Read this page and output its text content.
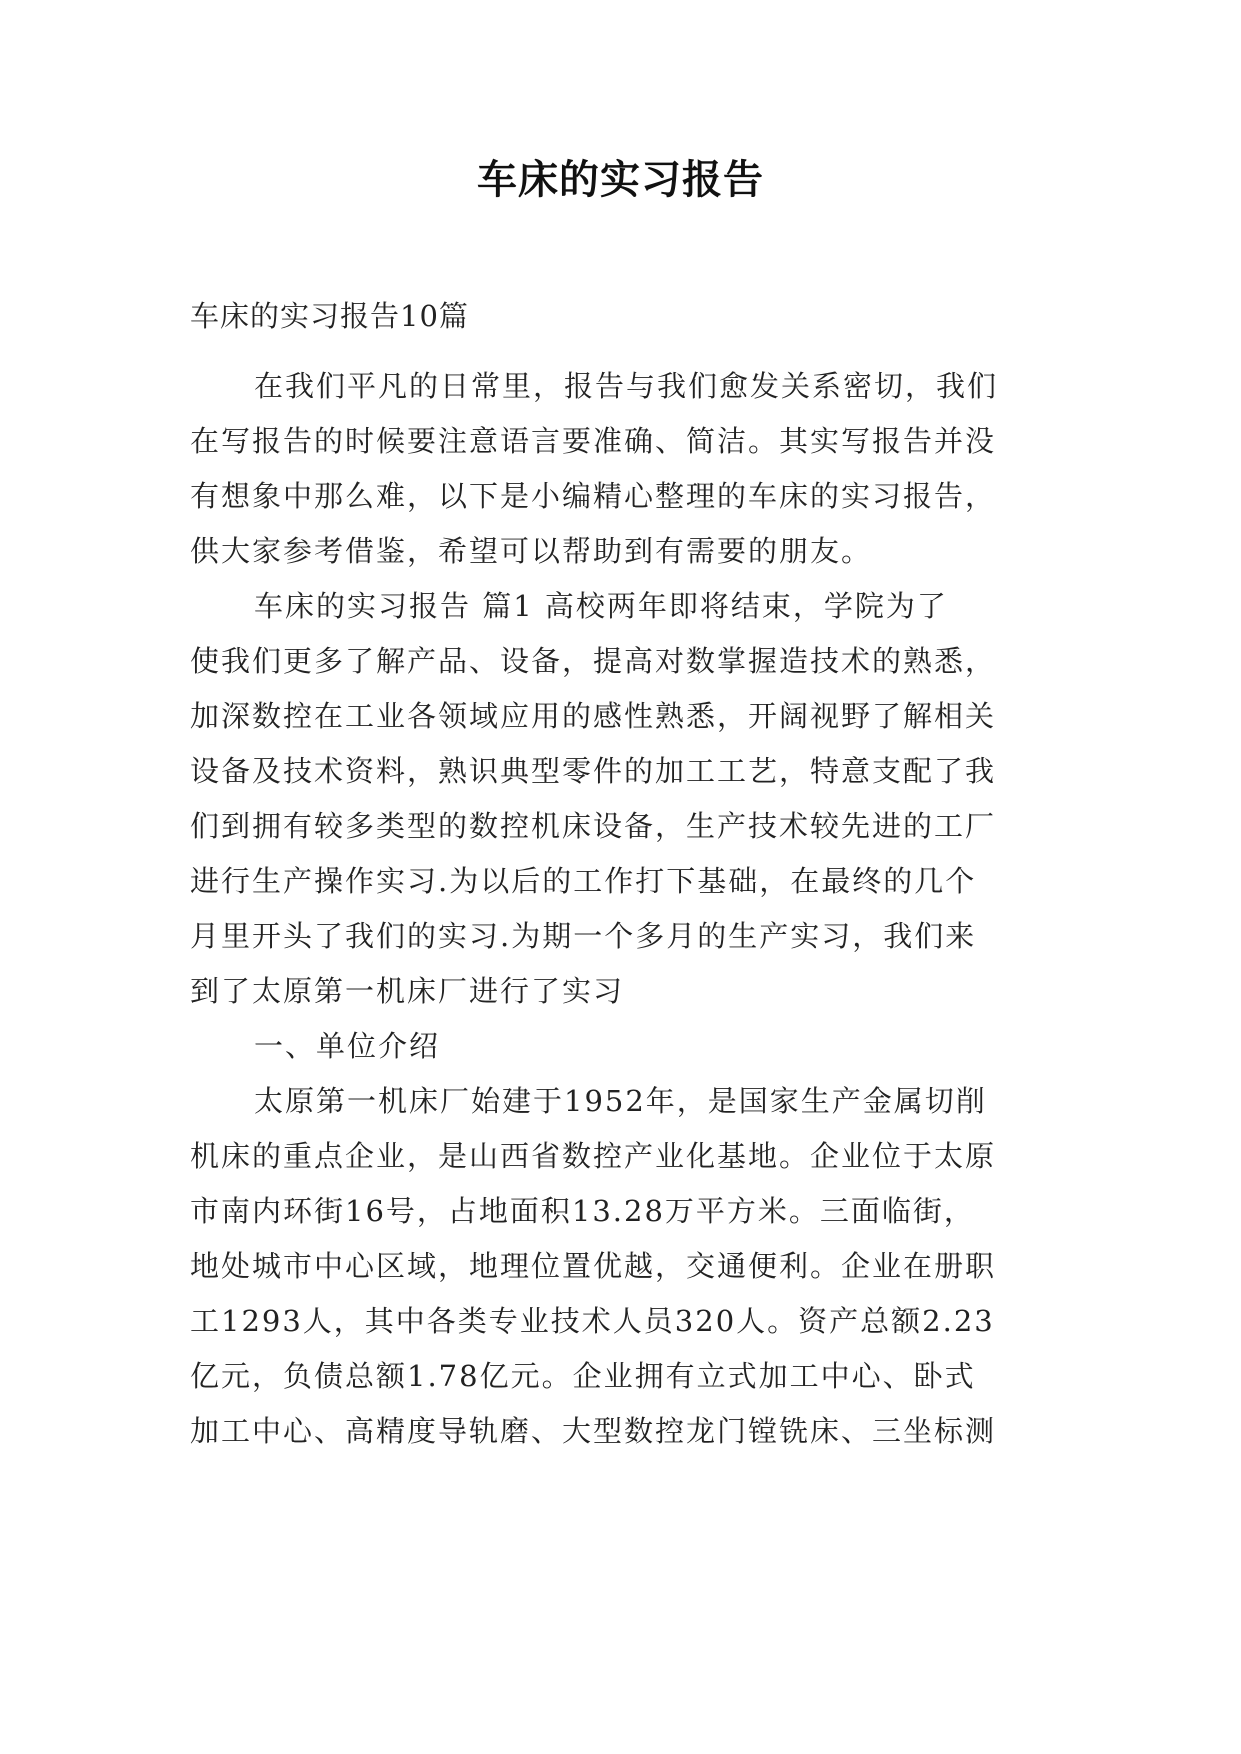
车床的实习报告
车床的实习报告10篇
在我们平凡的日常里，报告与我们愈发关系密切，我们
在写报告的时候要注意语言要准确、简洁。其实写报告并没
有想象中那么难，以下是小编精心整理的车床的实习报告，
供大家参考借鉴，希望可以帮助到有需要的朋友。
车床的实习报告 篇1 高校两年即将结束，学院为了
使我们更多了解产品、设备，提高对数掌握造技术的熟悉，
加深数控在工业各领域应用的感性熟悉，开阔视野了解相关
设备及技术资料，熟识典型零件的加工工艺，特意支配了我
们到拥有较多类型的数控机床设备，生产技术较先进的工厂
进行生产操作实习.为以后的工作打下基础，在最终的几个
月里开头了我们的实习.为期一个多月的生产实习，我们来
到了太原第一机床厂进行了实习
一、单位介绍
太原第一机床厂始建于1952年，是国家生产金属切削
机床的重点企业，是山西省数控产业化基地。企业位于太原
市南内环街16号，占地面积13.28万平方米。三面临街，
地处城市中心区域，地理位置优越，交通便利。企业在册职
工1293人，其中各类专业技术人员320人。资产总额2.23
亿元，负债总额1.78亿元。企业拥有立式加工中心、卧式
加工中心、高精度导轨磨、大型数控龙门镗铣床、三坐标测
